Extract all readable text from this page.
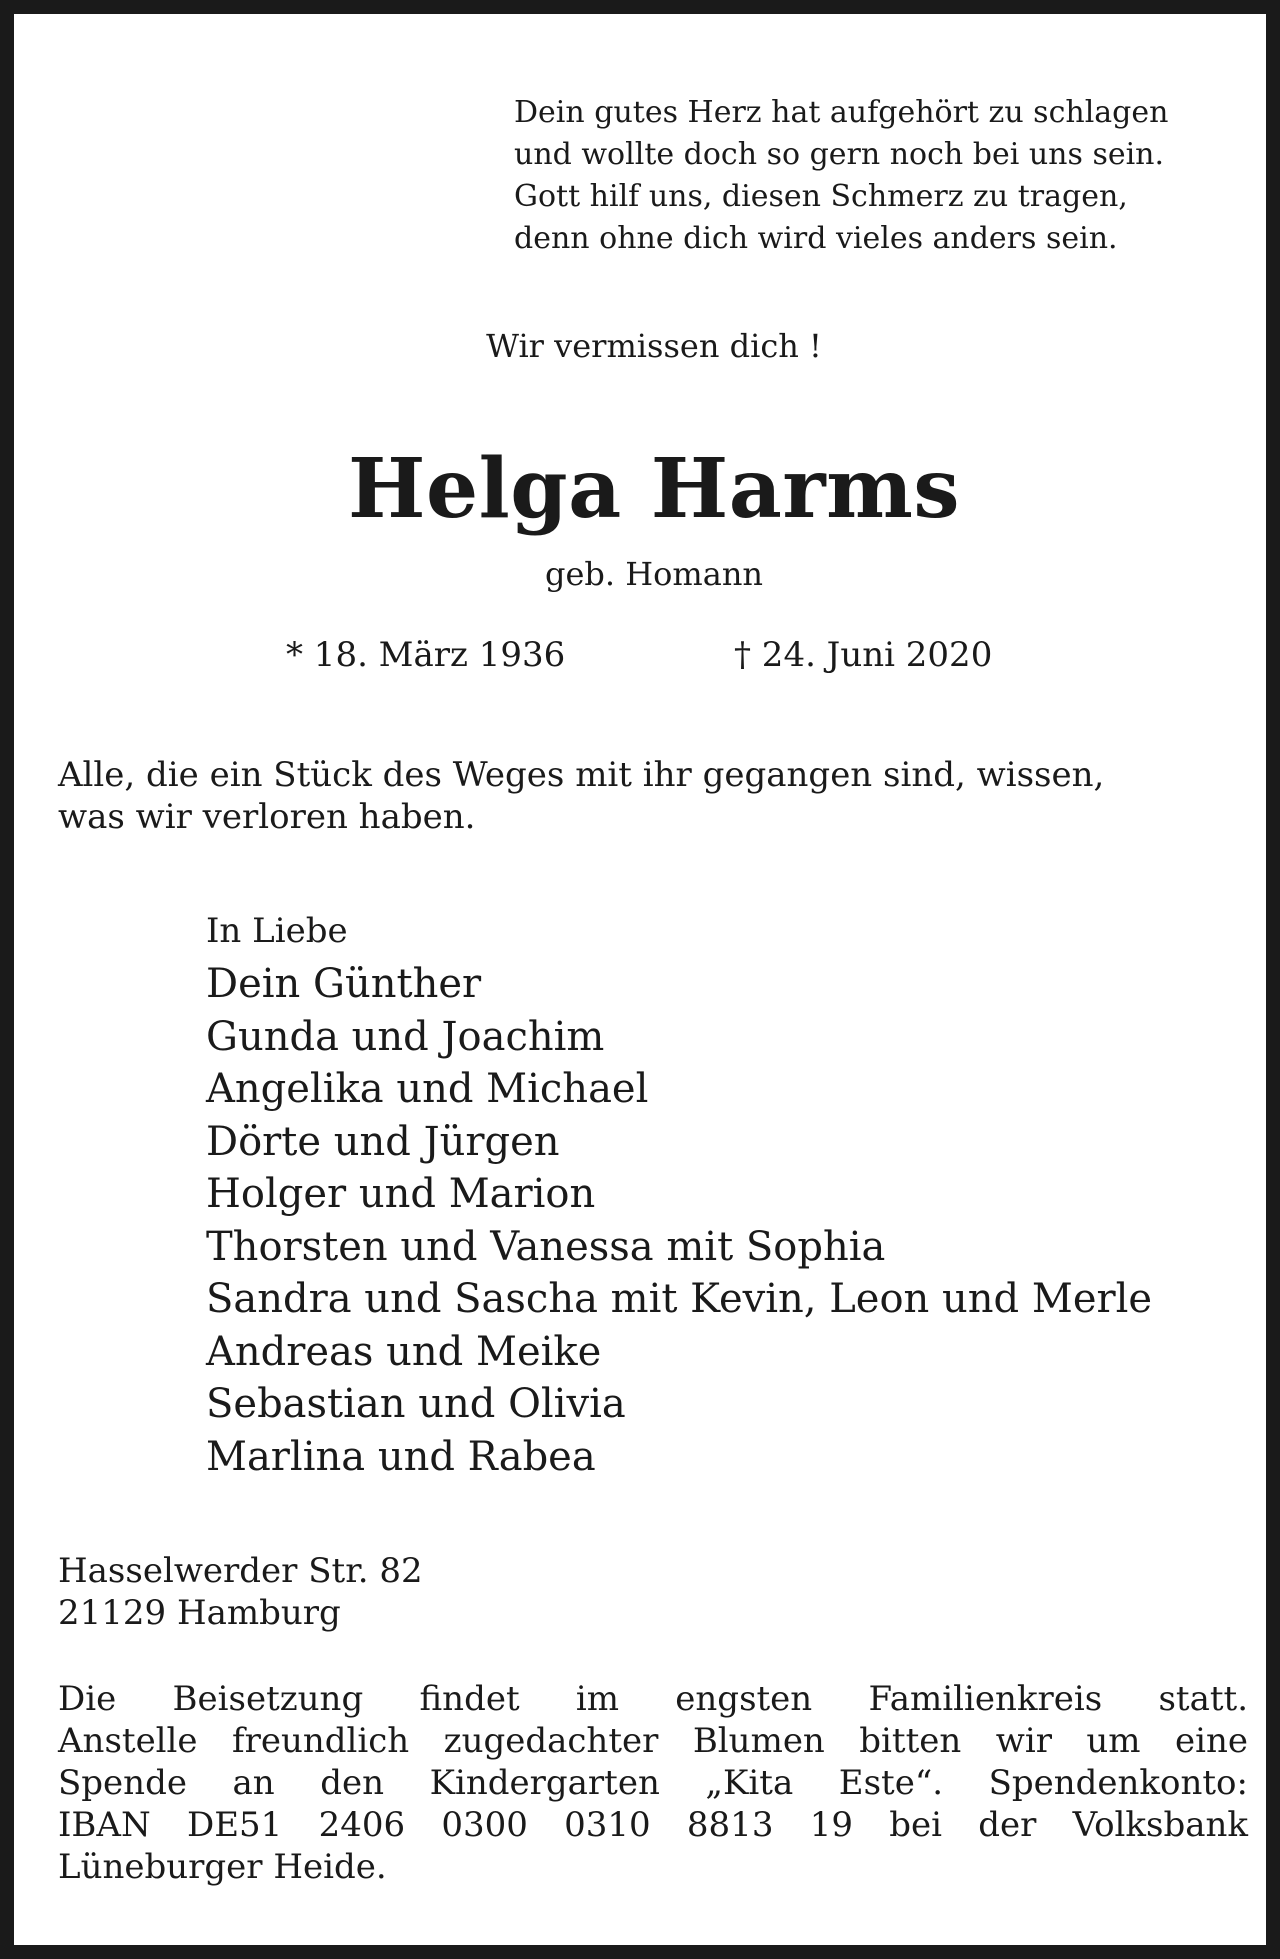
Dein gutes Herz hat aufgehört zu schlagen
und wollte doch so gern noch bei uns sein.
Gott hilf uns, diesen Schmerz zu tragen,
denn ohne dich wird vieles anders sein.
Wir vermissen dich !
Helga Harms
geb. Homann
* 18. März 1936	† 24. Juni 2020
Alle, die ein Stück des Weges mit ihr gegangen sind, wissen,
was wir verloren haben.
In Liebe
Dein Günther
Gunda und Joachim
Angelika und Michael
Dörte und Jürgen
Holger und Marion
Thorsten und Vanessa mit Sophia
Sandra und Sascha mit Kevin, Leon und Merle
Andreas und Meike
Sebastian und Olivia
Marlina und Rabea
Hasselwerder Str. 82
21129 Hamburg
Die Beisetzung findet im engsten Familienkreis statt.
Anstelle freundlich zugedachter Blumen bitten wir um eine
Spende an den Kindergarten „Kita Este“. Spendenkonto:
IBAN DE51 2406 0300 0310 8813 19 bei der Volksbank
Lüneburger Heide.
